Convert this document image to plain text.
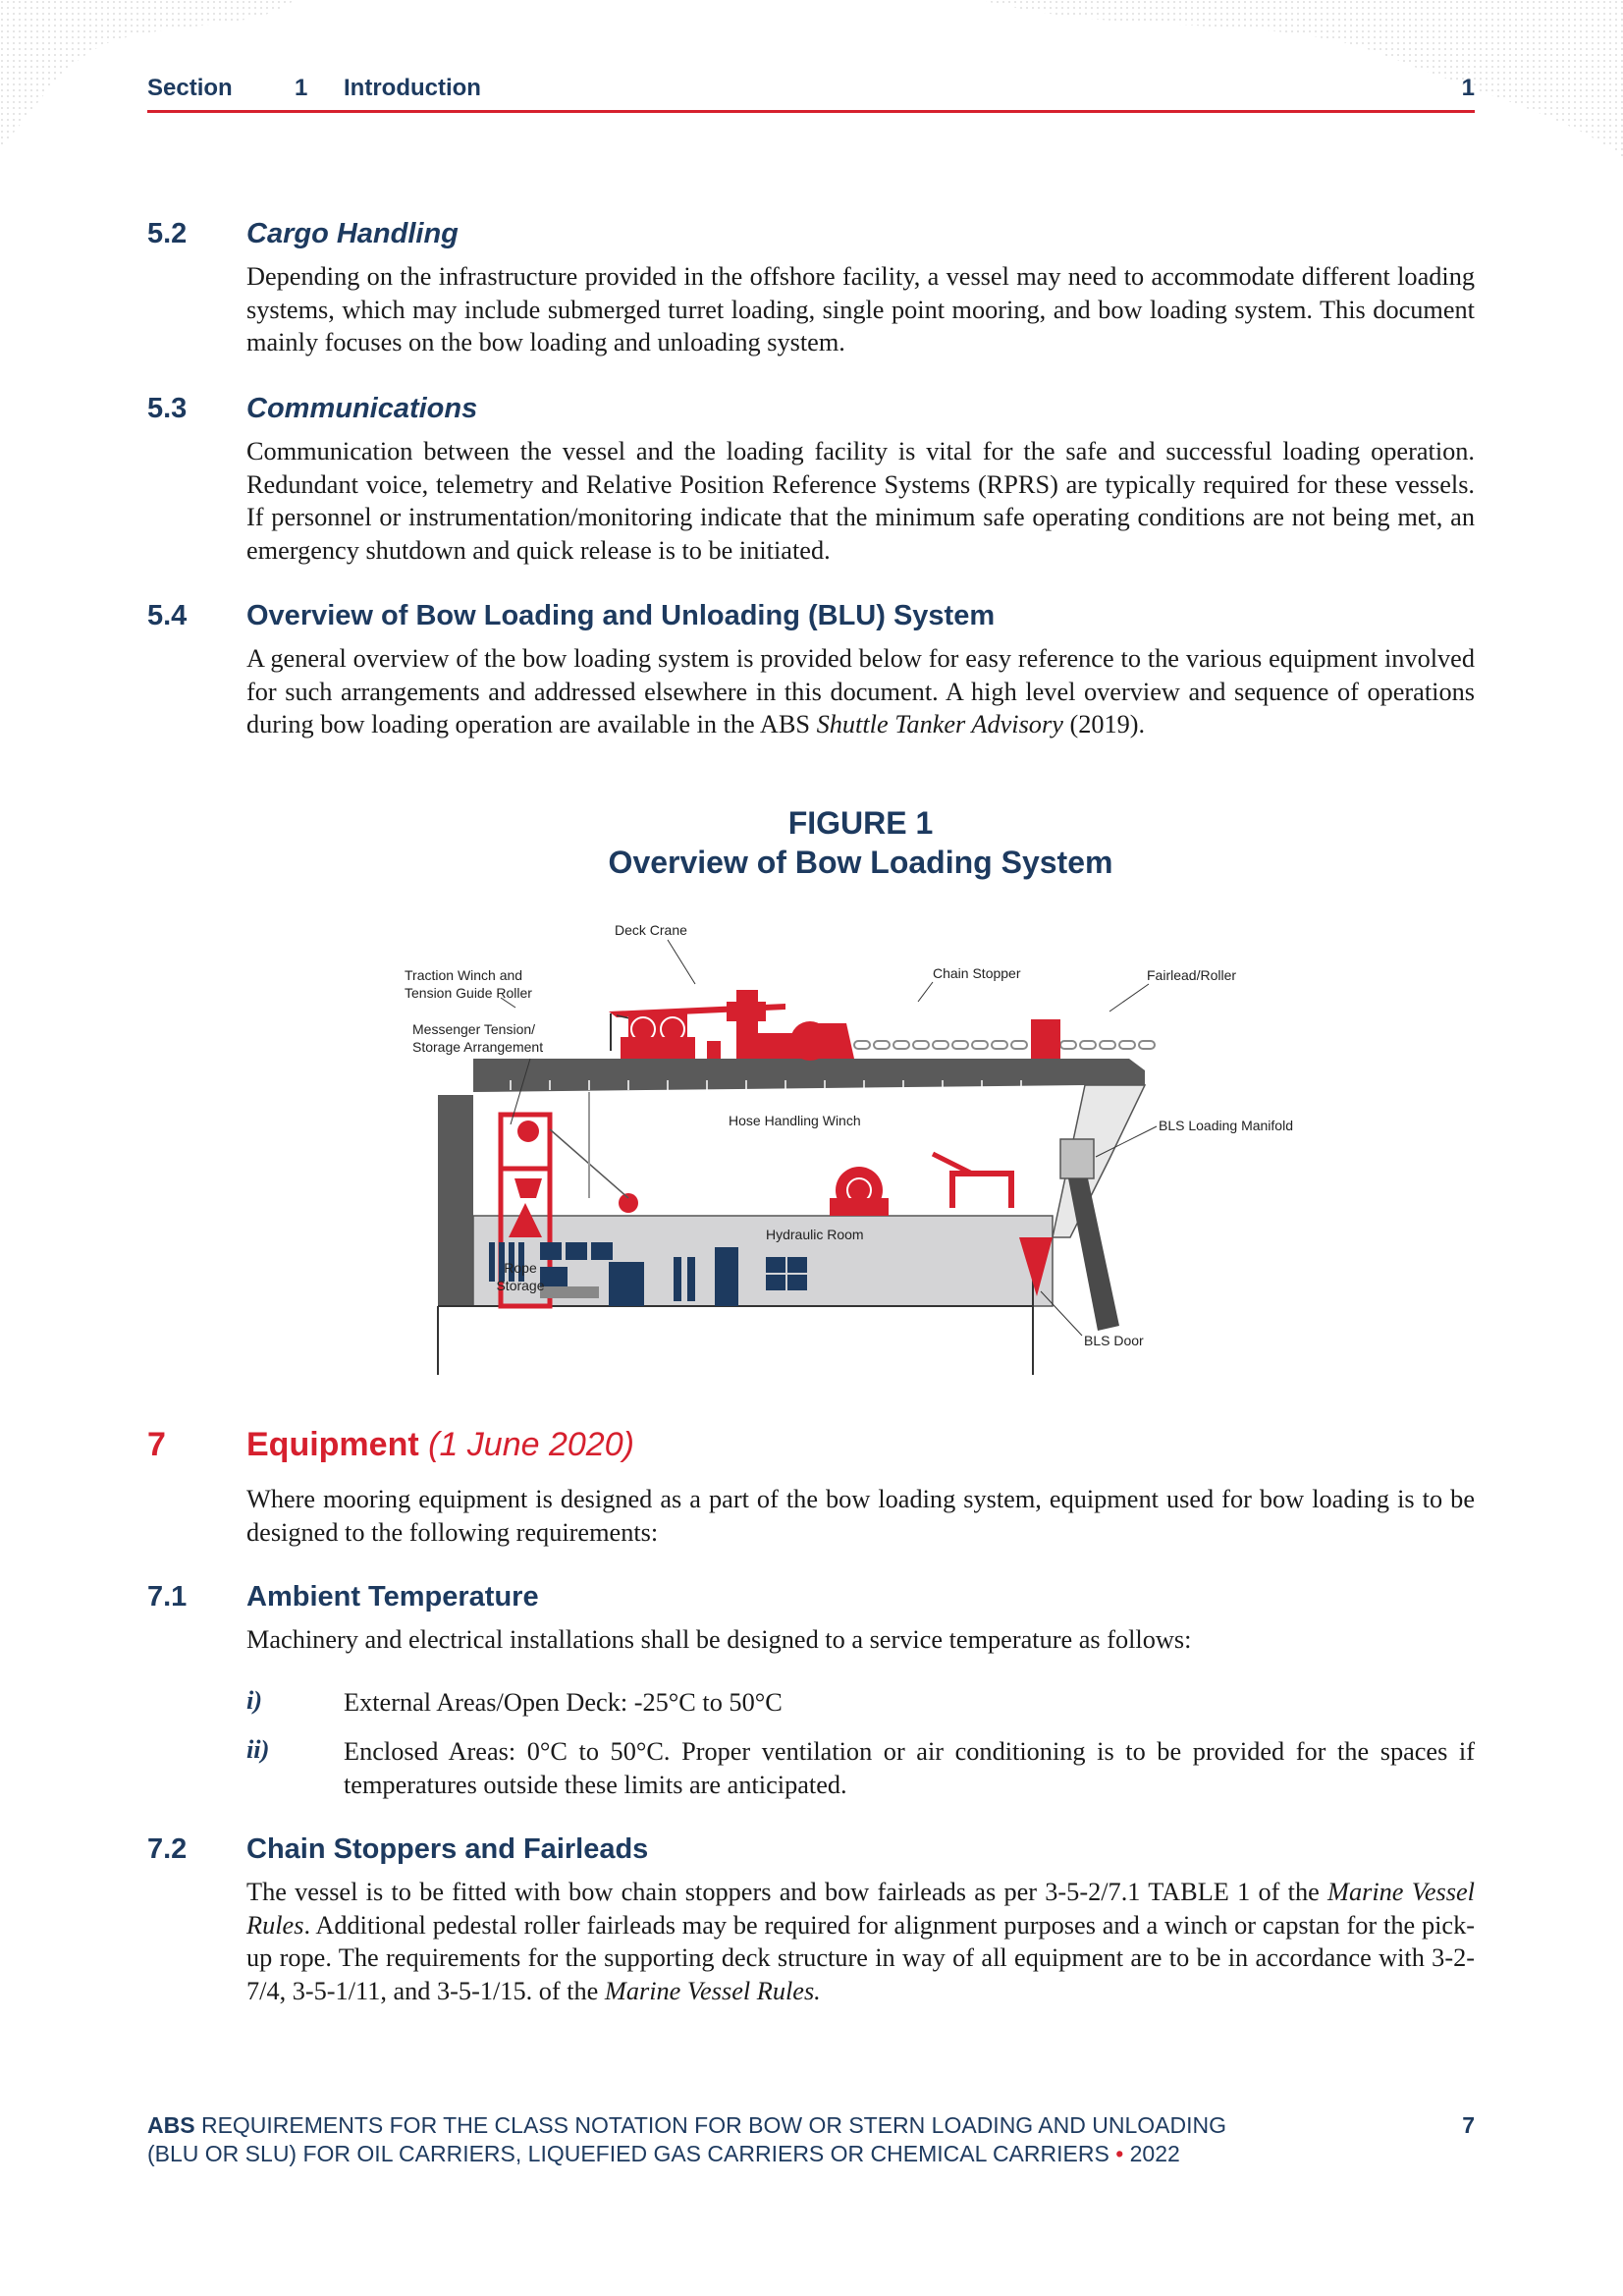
Section	1 Introduction	1
5.2 Cargo Handling

Depending on the infrastructure provided in the offshore facility, a vessel may need to accommodate different loading systems, which may include submerged turret loading, single point mooring, and bow loading system. This document mainly focuses on the bow loading and unloading system.

5.3 Communications

Communication between the vessel and the loading facility is vital for the safe and successful loading operation. Redundant voice, telemetry and Relative Position Reference Systems (RPRS) are typically required for these vessels. If personnel or instrumentation/monitoring indicate that the minimum safe operating conditions are not being met, an emergency shutdown and quick release is to be initiated.

5.4 Overview of Bow Loading and Unloading (BLU) System

A general overview of the bow loading system is provided below for easy reference to the various equipment involved for such arrangements and addressed elsewhere in this document. A high level overview and sequence of operations during bow loading operation are available in the ABS Shuttle Tanker Advisory (2019).

FIGURE 1
Overview of Bow Loading System
Deck Crane
Traction Winch and
Tension Guide Roller
Messenger Tension/
Storage Arrangement
Chain Stopper	Fairlead/Roller
Hose Handling Winch	BLS Loading Manifold
Hydraulic Room
Rope
Storage
BLS Door
7 Equipment (1 June 2020)

Where mooring equipment is designed as a part of the bow loading system, equipment used for bow loading is to be designed to the following requirements:

7.1 Ambient Temperature

Machinery and electrical installations shall be designed to a service temperature as follows:

i)	External Areas/Open Deck: -25°C to 50°C

ii)	Enclosed Areas: 0°C to 50°C. Proper ventilation or air conditioning is to be provided for the spaces if temperatures outside these limits are anticipated.

7.2 Chain Stoppers and Fairleads

The vessel is to be fitted with bow chain stoppers and bow fairleads as per 3-5-2/7.1 TABLE 1 of the Marine Vessel Rules. Additional pedestal roller fairleads may be required for alignment purposes and a winch or capstan for the pick-up rope. The requirements for the supporting deck structure in way of all equipment are to be in accordance with 3-2-7/4, 3-5-1/11, and 3-5-1/15. of the Marine Vessel Rules.

ABS REQUIREMENTS FOR THE CLASS NOTATION FOR BOW OR STERN LOADING AND UNLOADING
(BLU OR SLU) FOR OIL CARRIERS, LIQUEFIED GAS CARRIERS OR CHEMICAL CARRIERS • 2022
7
